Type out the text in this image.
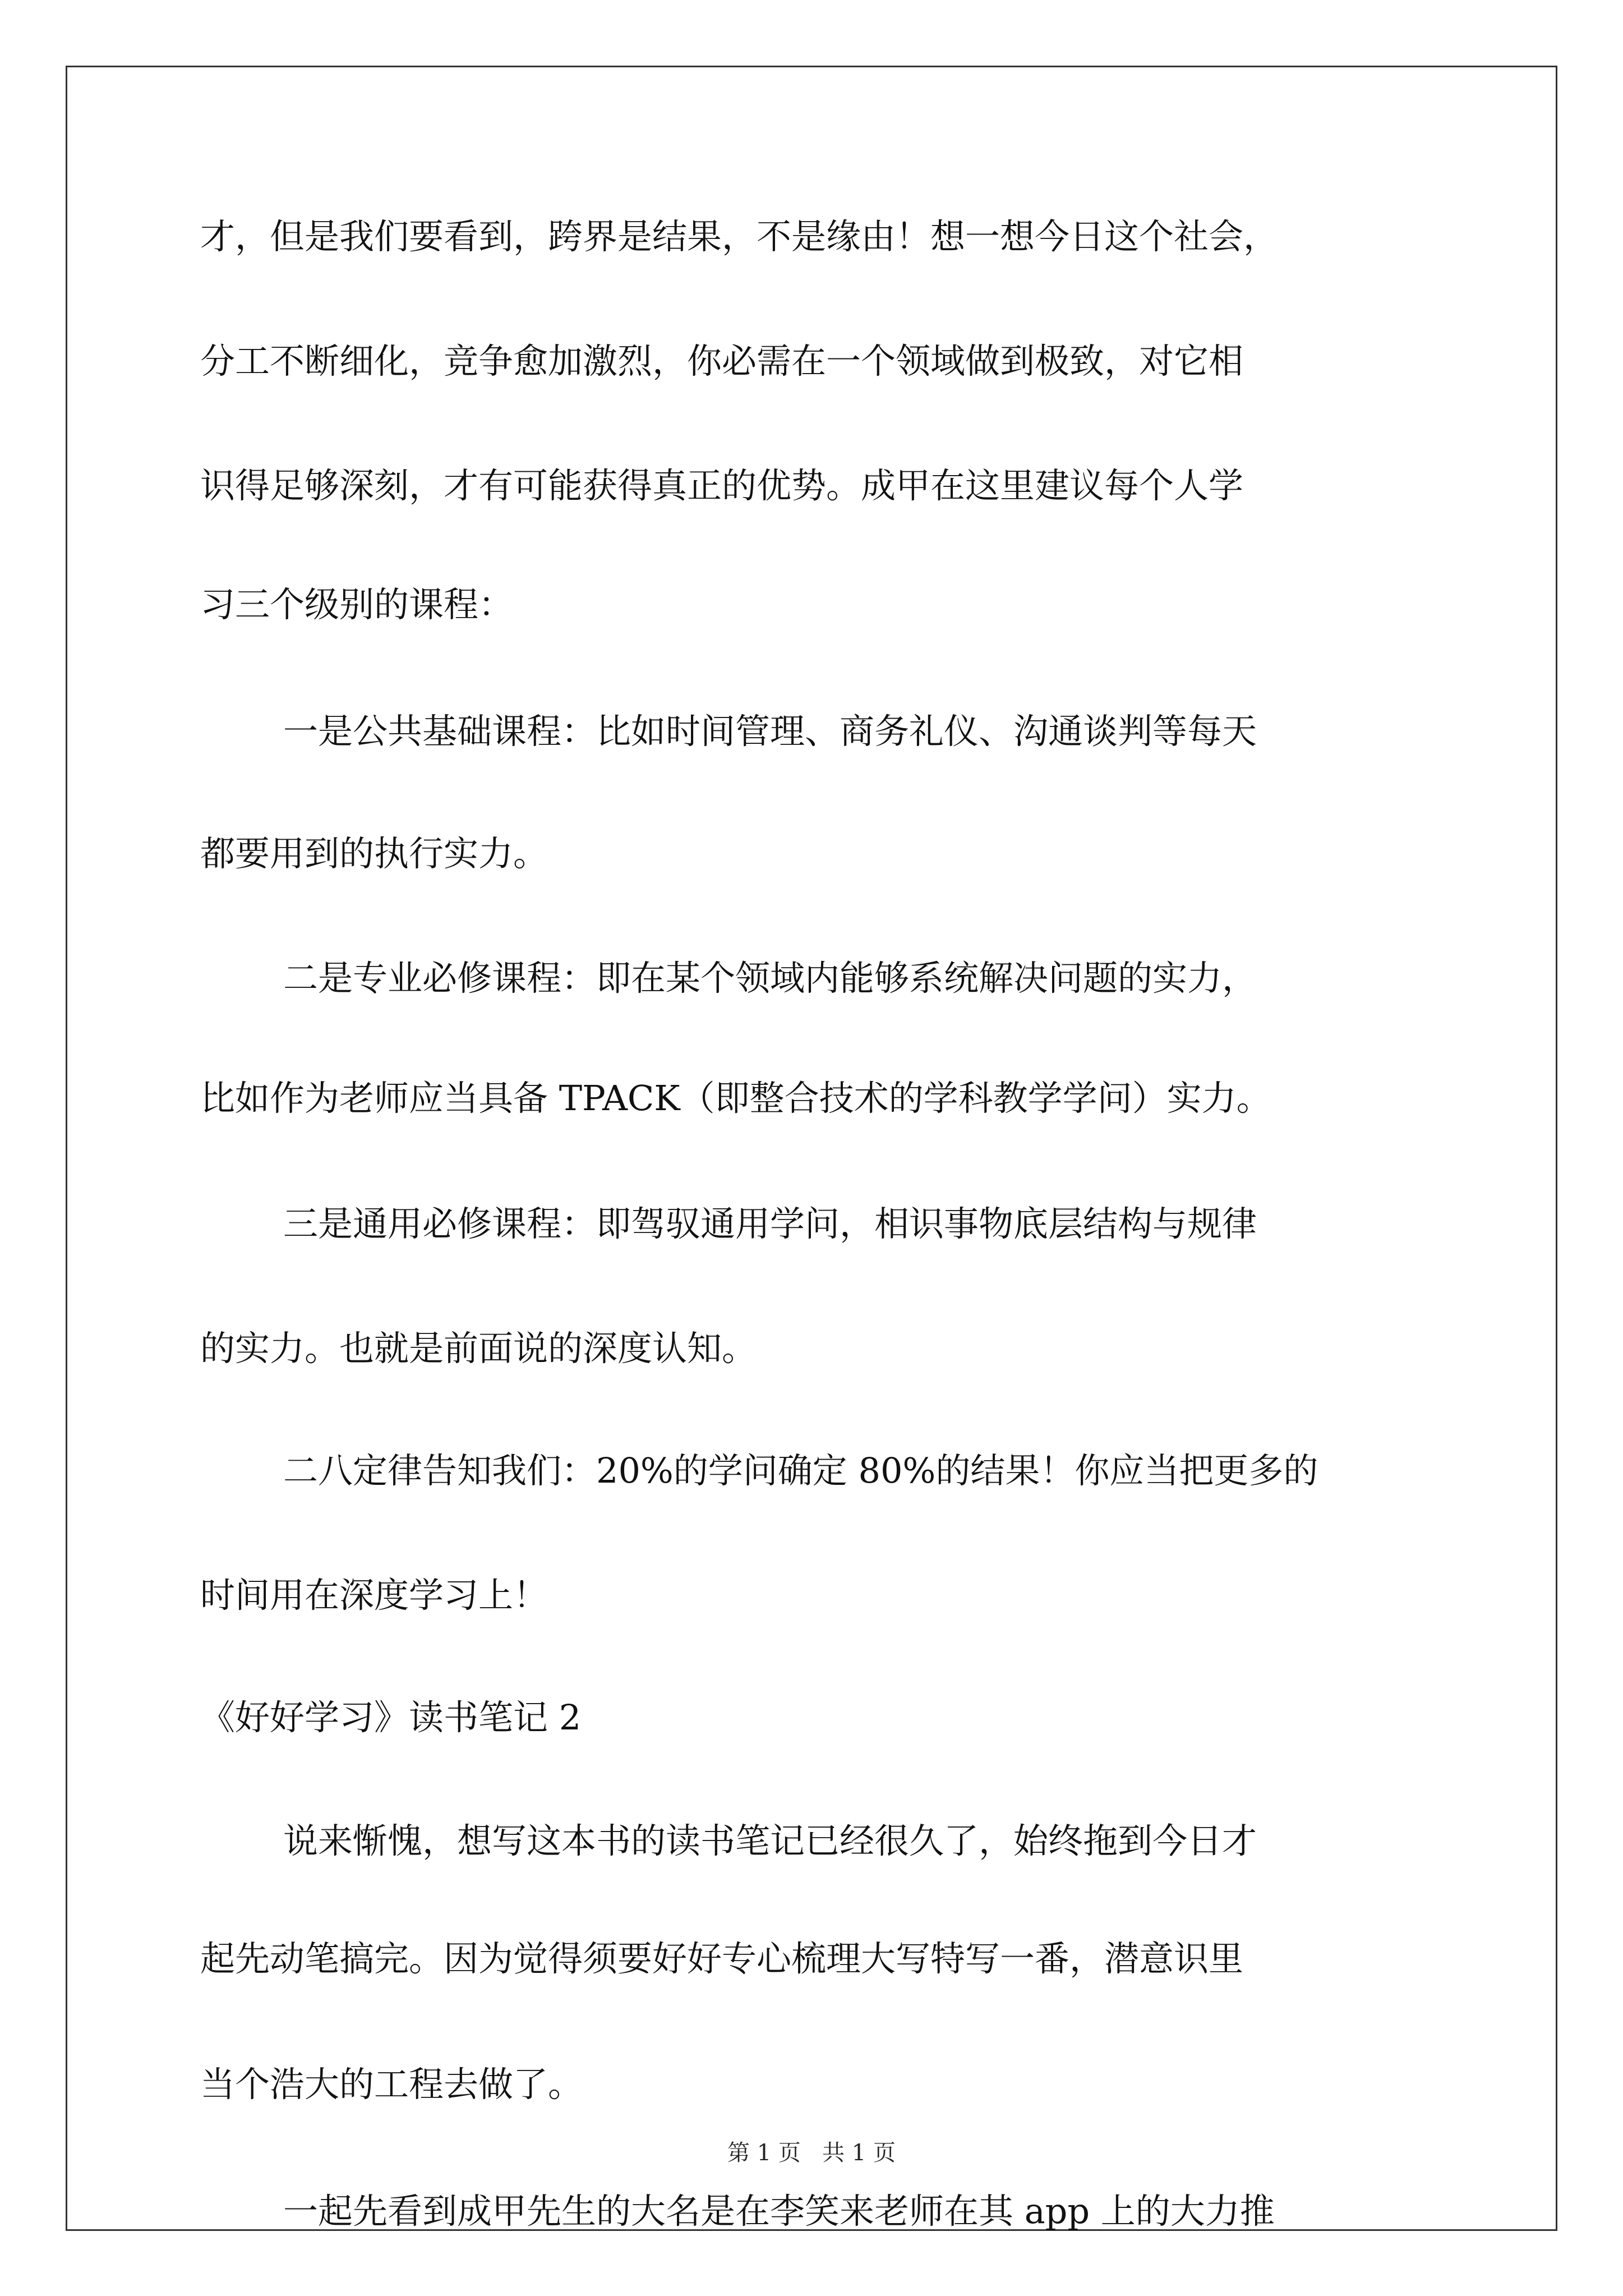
才，但是我们要看到，跨界是结果，不是缘由！想一想今日这个社会，
分工不断细化，竞争愈加激烈，你必需在一个领域做到极致，对它相
识得足够深刻，才有可能获得真正的优势。成甲在这里建议每个人学
习三个级别的课程：
一是公共基础课程：比如时间管理、商务礼仪、沟通谈判等每天
都要用到的执行实力。
二是专业必修课程：即在某个领域内能够系统解决问题的实力，
比如作为老师应当具备 TPACK（即整合技术的学科教学学问）实力。
三是通用必修课程：即驾驭通用学问，相识事物底层结构与规律
的实力。也就是前面说的深度认知。
二八定律告知我们：20%的学问确定 80%的结果！你应当把更多的
时间用在深度学习上！
《好好学习》读书笔记 2
说来惭愧，想写这本书的读书笔记已经很久了，始终拖到今日才
起先动笔搞完。因为觉得须要好好专心梳理大写特写一番，潜意识里
当个浩大的工程去做了。
一起先看到成甲先生的大名是在李笑来老师在其 app 上的大力推
第 1 页   共 1 页
